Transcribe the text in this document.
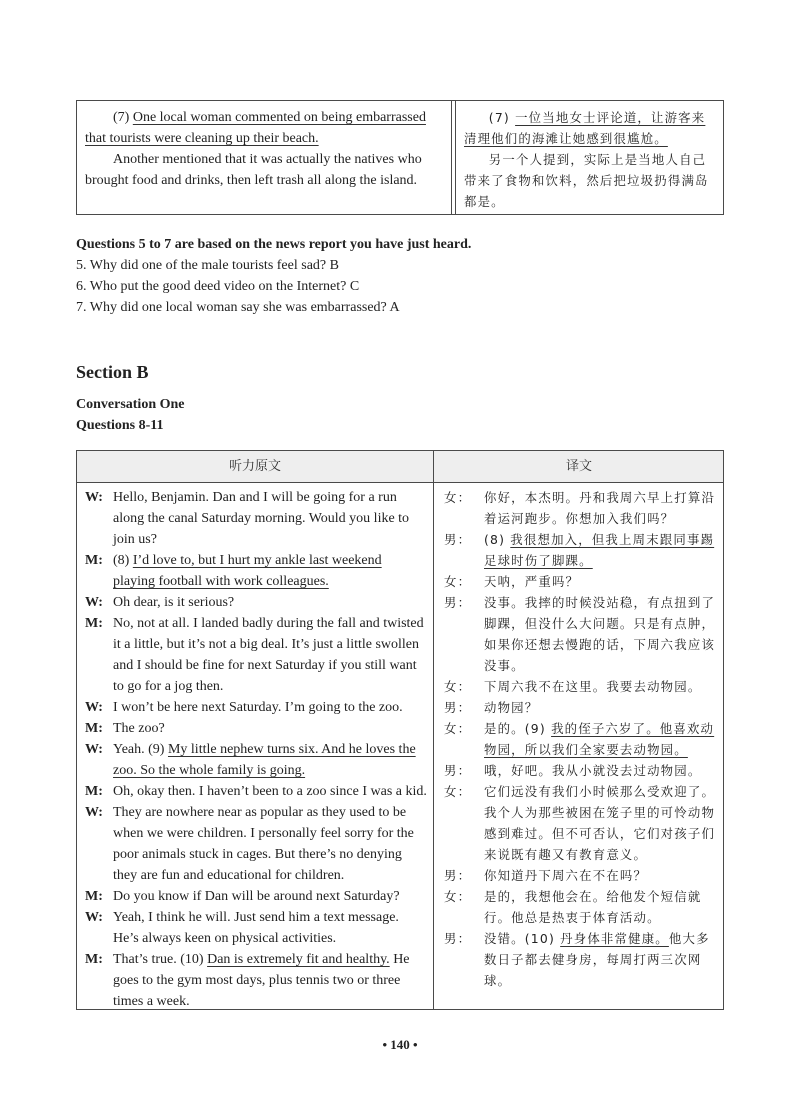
(7) One local woman commented on being embarrassed that tourists were cleaning up their beach.

Another mentioned that it was actually the natives who brought food and drinks, then left trash all along the island.

(7) 一位当地女士评论道，让游客来清理他们的海滩让她感到很尴尬。

另一个人提到，实际上是当地人自己带来了食物和饮料，然后把垃圾扔得满岛都是。

Questions 5 to 7 are based on the news report you have just heard.
5. Why did one of the male tourists feel sad? B
6. Who put the good deed video on the Internet? C
7. Why did one local woman say she was embarrassed? A
Section B
Conversation One
Questions 8-11
听力原文	译文
W: Hello, Benjamin. Dan and I will be going for a run along the canal Saturday morning. Would you like to join us?
M: (8) I’d love to, but I hurt my ankle last weekend playing football with work colleagues.
W: Oh dear, is it serious?
M: No, not at all. I landed badly during the fall and twisted it a little, but it’s not a big deal. It’s just a little swollen and I should be fine for next Saturday if you still want to go for a jog then.
W: I won’t be here next Saturday. I’m going to the zoo.
M: The zoo?
W: Yeah. (9) My little nephew turns six. And he loves the zoo. So the whole family is going.
M: Oh, okay then. I haven’t been to a zoo since I was a kid.
W: They are nowhere near as popular as they used to be when we were children. I personally feel sorry for the poor animals stuck in cages. But there’s no denying they are fun and educational for children.
M: Do you know if Dan will be around next Saturday?
W: Yeah, I think he will. Just send him a text message. He’s always keen on physical activities.
M: That’s true. (10) Dan is extremely fit and healthy. He goes to the gym most days, plus tennis two or three times a week.
女： 你好，本杰明。丹和我周六早上打算沿着运河跑步。你想加入我们吗？
男： (8) 我很想加入，但我上周末跟同事踢足球时伤了脚踝。
女： 天呐，严重吗？
男： 没事。我摔的时候没站稳，有点扭到了脚踝，但没什么大问题。只是有点肿，如果你还想去慢跑的话，下周六我应该没事。
女： 下周六我不在这里。我要去动物园。
男： 动物园？
女： 是的。(9) 我的侄子六岁了。他喜欢动物园，所以我们全家要去动物园。
男： 哦，好吧。我从小就没去过动物园。
女： 它们远没有我们小时候那么受欢迎了。我个人为那些被困在笼子里的可怜动物感到难过。但不可否认，它们对孩子们来说既有趣又有教育意义。
男： 你知道丹下周六在不在吗？
女： 是的，我想他会在。给他发个短信就行。他总是热衷于体育活动。
男： 没错。(10) 丹身体非常健康。他大多数日子都去健身房，每周打两三次网球。
• 140 •
